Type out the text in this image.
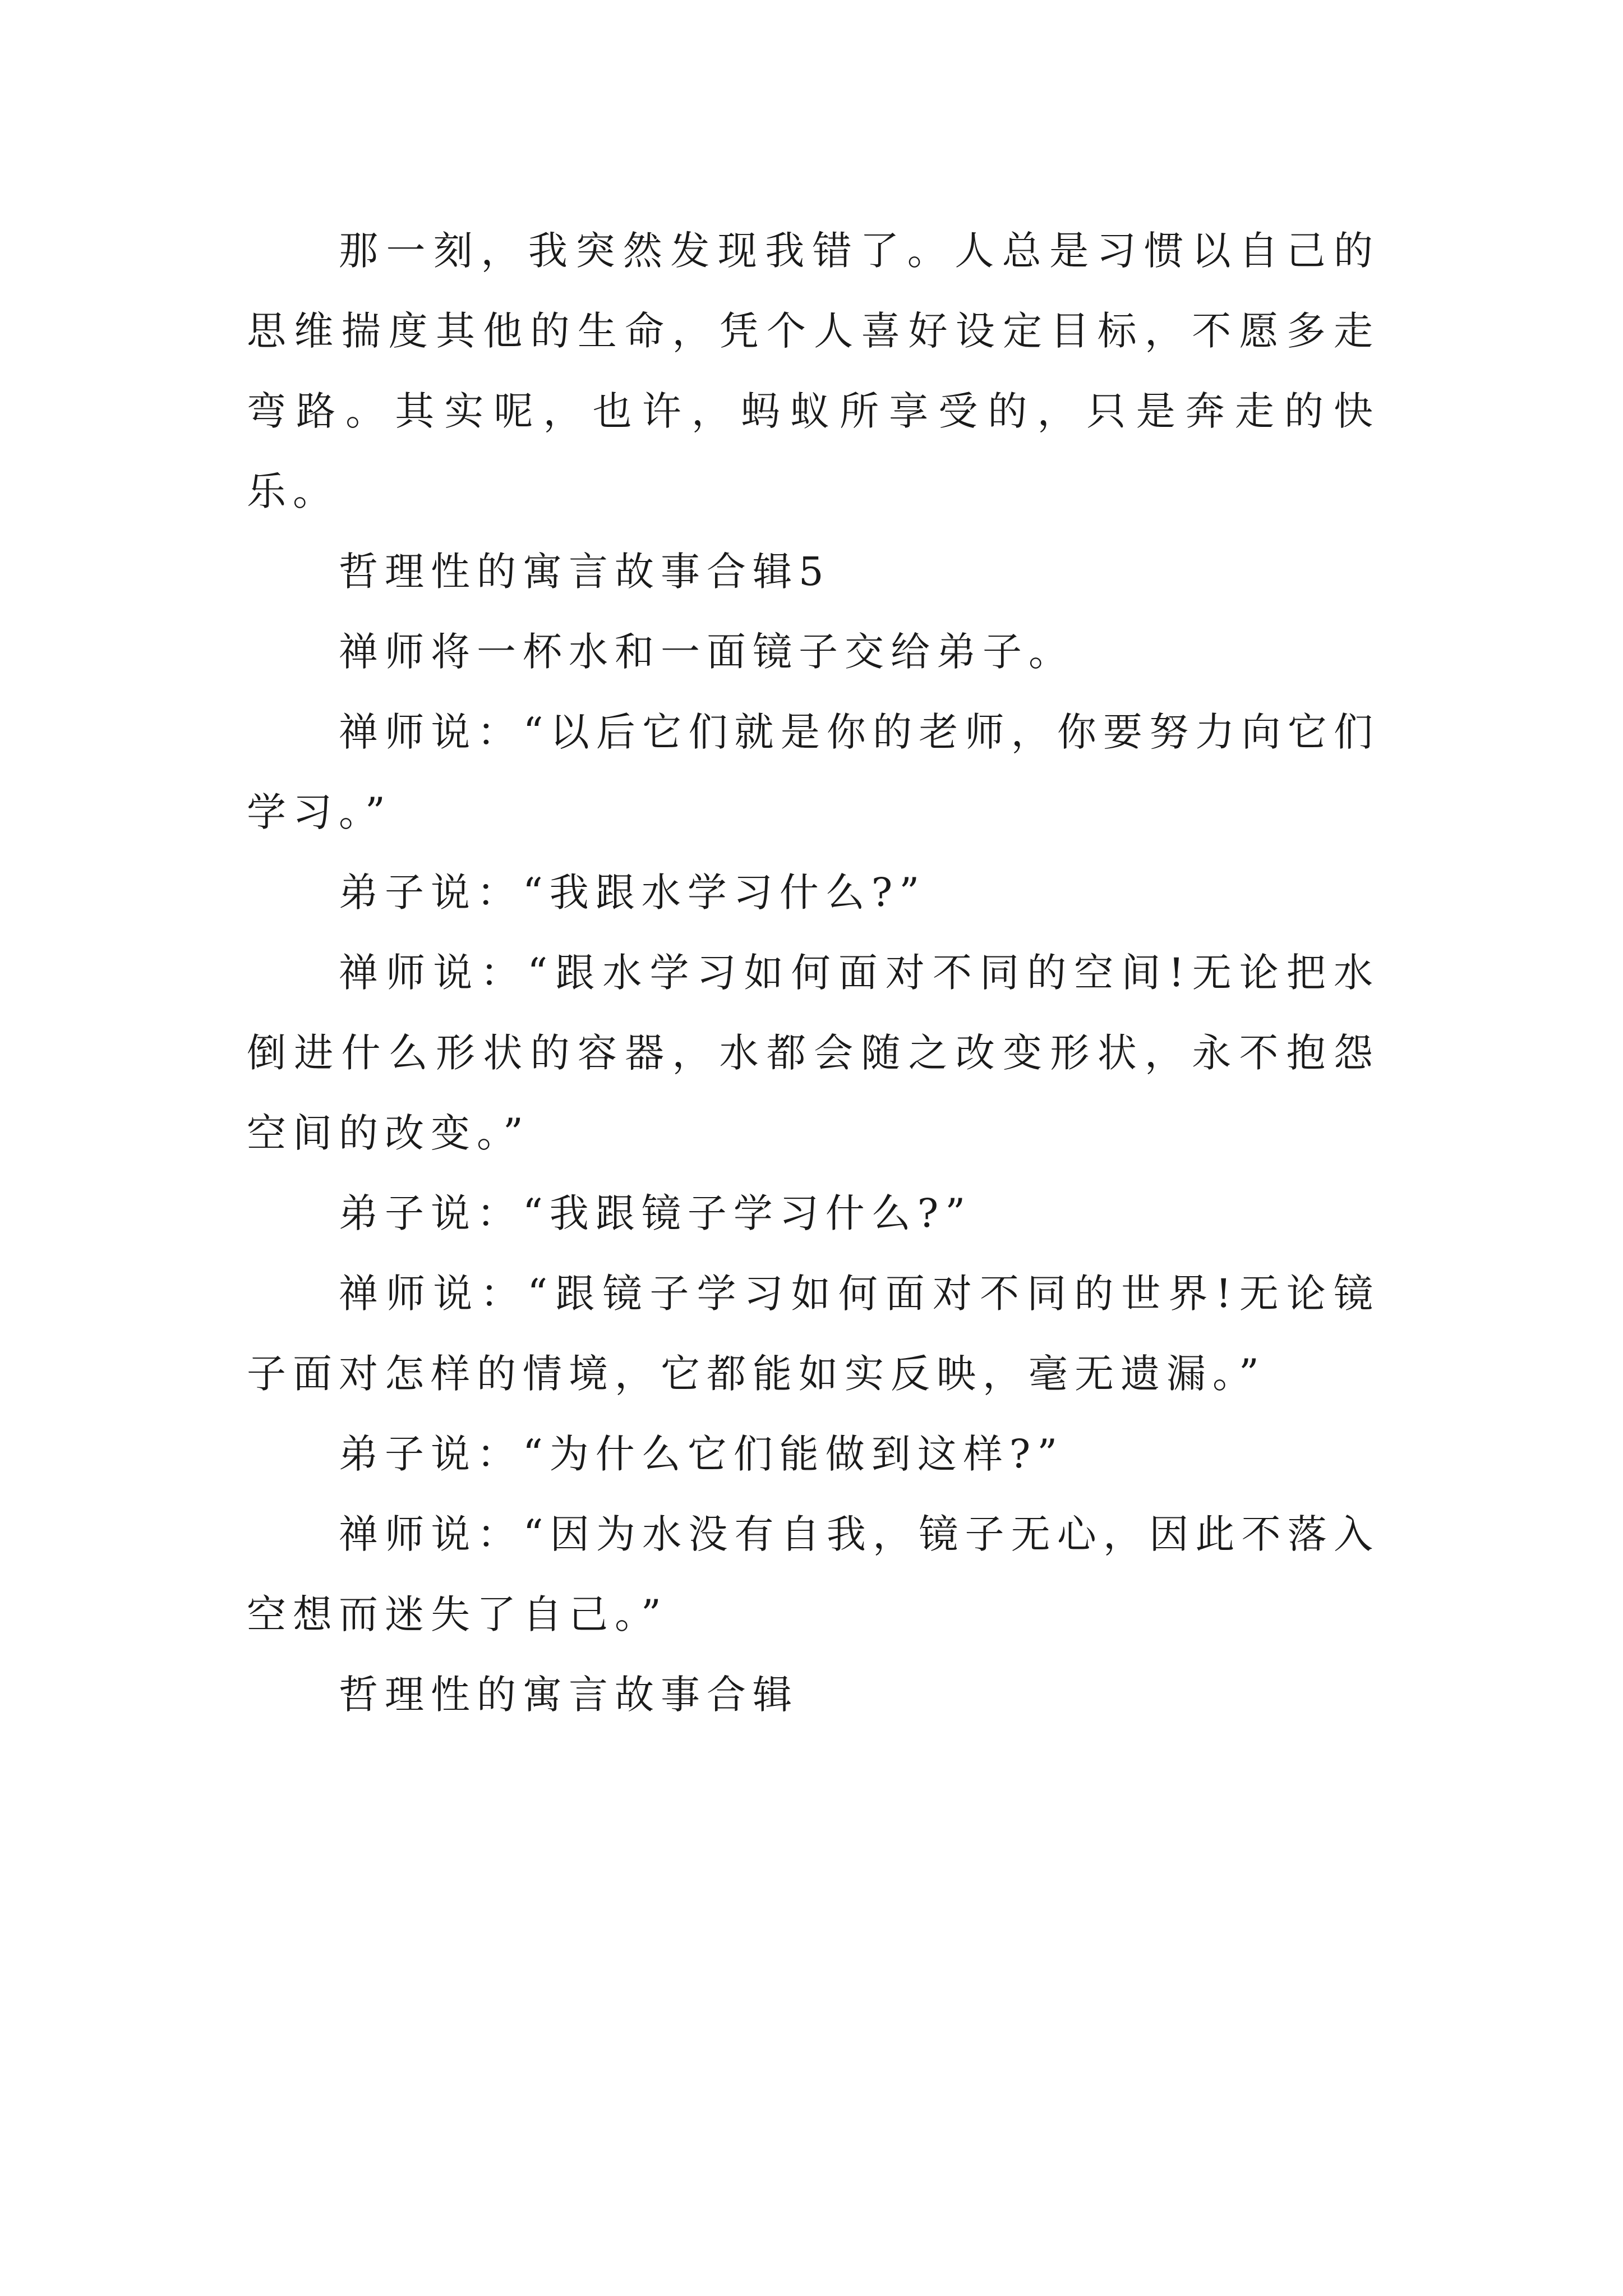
那一刻，我突然发现我错了。人总是习惯以自己的思维揣度其他的生命，凭个人喜好设定目标，不愿多走弯路。其实呢，也许，蚂蚁所享受的，只是奔走的快乐。

哲理性的寓言故事合辑5

禅师将一杯水和一面镜子交给弟子。

禅师说：“以后它们就是你的老师，你要努力向它们学习。”

弟子说：“我跟水学习什么?”

禅师说：“跟水学习如何面对不同的空间!无论把水倒进什么形状的容器，水都会随之改变形状，永不抱怨空间的改变。”

弟子说：“我跟镜子学习什么?”

禅师说：“跟镜子学习如何面对不同的世界!无论镜子面对怎样的情境，它都能如实反映，毫无遗漏。”

弟子说：“为什么它们能做到这样?”

禅师说：“因为水没有自我，镜子无心，因此不落入空想而迷失了自己。”

哲理性的寓言故事合辑
